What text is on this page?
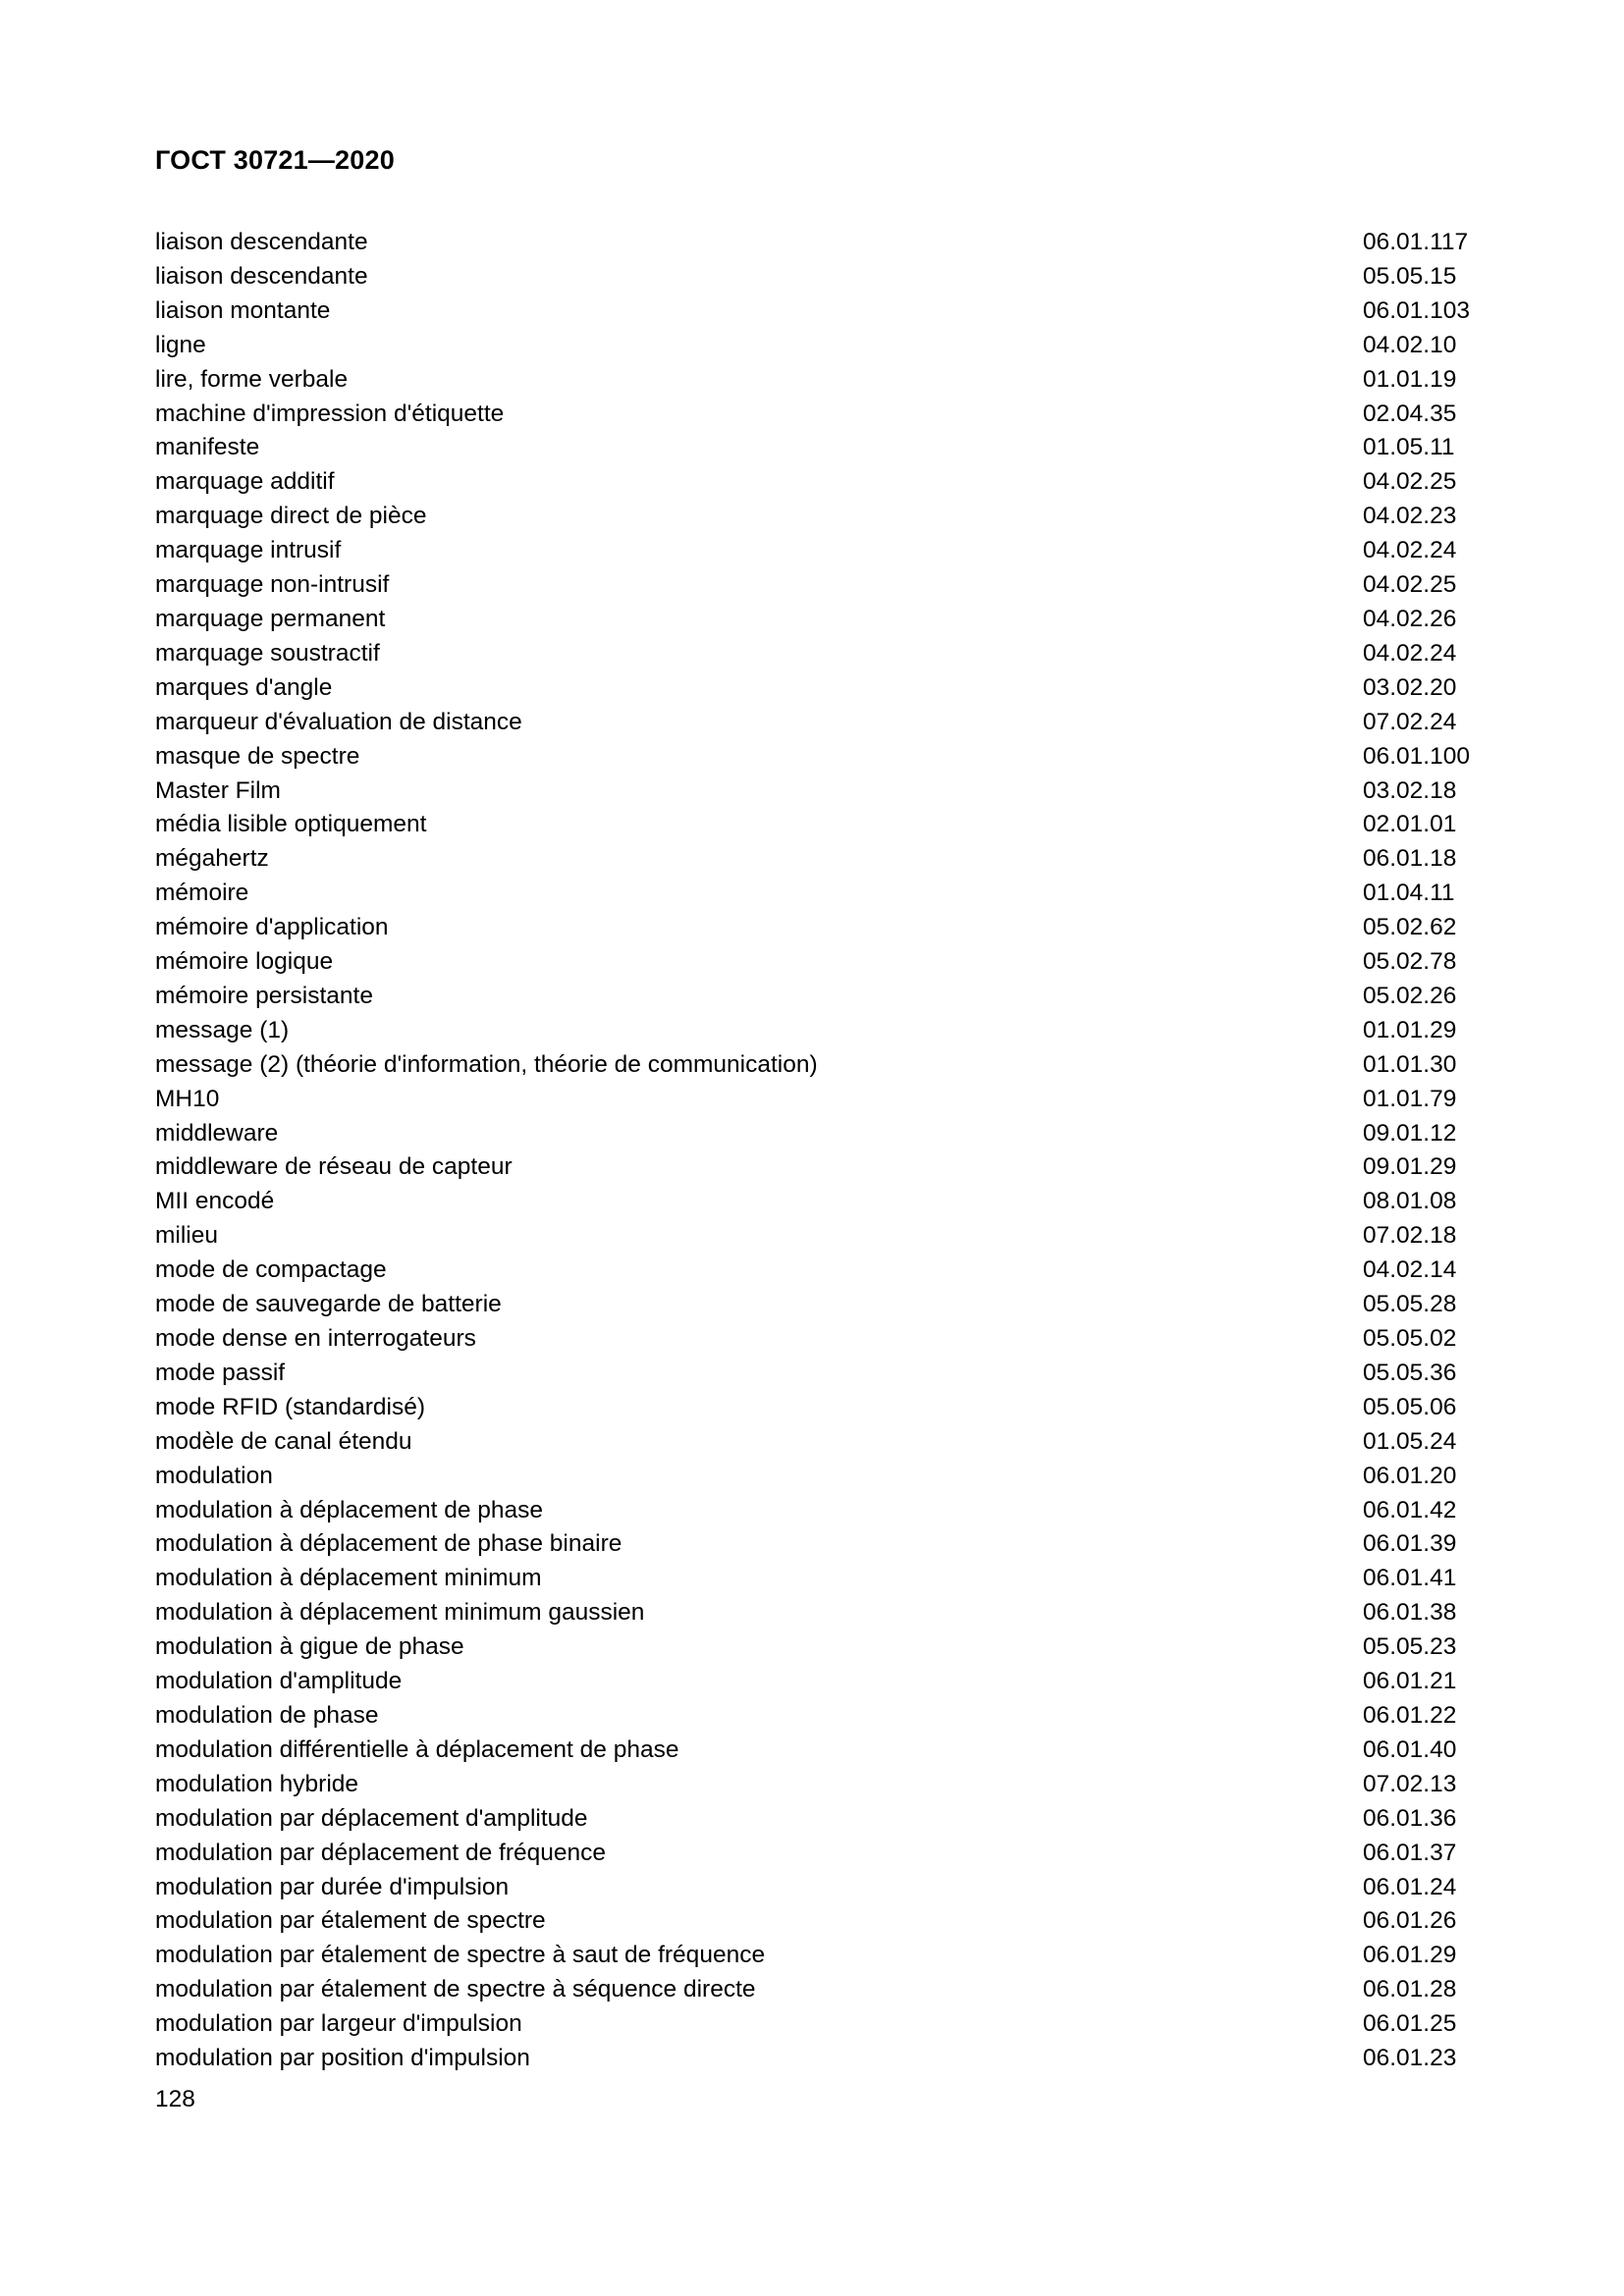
ГОСТ 30721—2020
liaison descendante	06.01.117
liaison descendante	05.05.15
liaison montante	06.01.103
ligne	04.02.10
lire, forme verbale	01.01.19
machine d'impression d'étiquette	02.04.35
manifeste	01.05.11
marquage additif	04.02.25
marquage direct de pièce	04.02.23
marquage intrusif	04.02.24
marquage non-intrusif	04.02.25
marquage permanent	04.02.26
marquage soustractif	04.02.24
marques d'angle	03.02.20
marqueur d'évaluation de distance	07.02.24
masque de spectre	06.01.100
Master Film	03.02.18
média lisible optiquement	02.01.01
mégahertz	06.01.18
mémoire	01.04.11
mémoire d'application	05.02.62
mémoire logique	05.02.78
mémoire persistante	05.02.26
message (1)	01.01.29
message (2) (théorie d'information, théorie de communication)	01.01.30
MH10	01.01.79
middleware	09.01.12
middleware de réseau de capteur	09.01.29
MII encodé	08.01.08
milieu	07.02.18
mode de compactage	04.02.14
mode de sauvegarde de batterie	05.05.28
mode dense en interrogateurs	05.05.02
mode passif	05.05.36
mode RFID (standardisé)	05.05.06
modèle de canal étendu	01.05.24
modulation	06.01.20
modulation à déplacement de phase	06.01.42
modulation à déplacement de phase binaire	06.01.39
modulation à déplacement minimum	06.01.41
modulation à déplacement minimum gaussien	06.01.38
modulation à gigue de phase	05.05.23
modulation d'amplitude	06.01.21
modulation de phase	06.01.22
modulation différentielle à déplacement de phase	06.01.40
modulation hybride	07.02.13
modulation par déplacement d'amplitude	06.01.36
modulation par déplacement de fréquence	06.01.37
modulation par durée d'impulsion	06.01.24
modulation par étalement de spectre	06.01.26
modulation par étalement de spectre à saut de fréquence	06.01.29
modulation par étalement de spectre à séquence directe	06.01.28
modulation par largeur d'impulsion	06.01.25
modulation par position d'impulsion	06.01.23
128
